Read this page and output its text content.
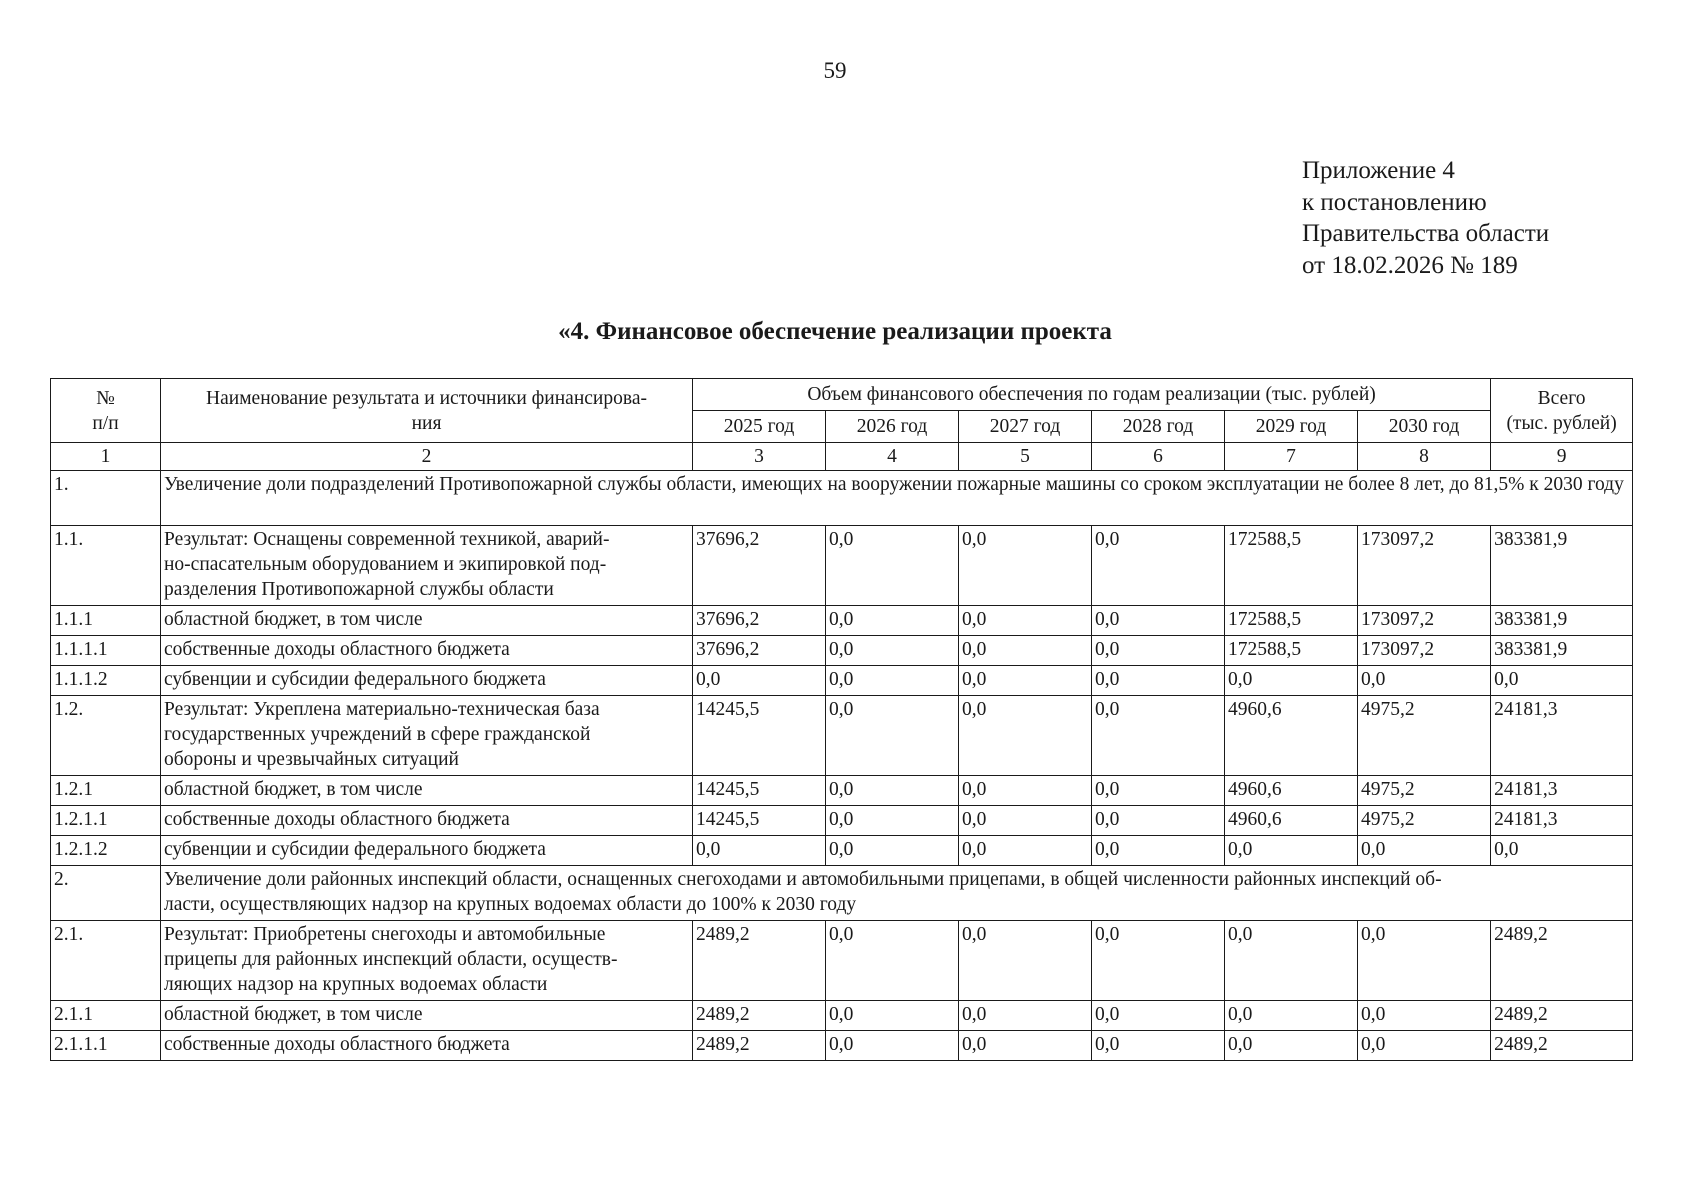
59
Приложение 4
к постановлению
Правительства области
от 18.02.2026 № 189
«4. Финансовое обеспечение реализации проекта
№
п/п	Наименование результата и источники финансирова-
ния	Объем финансового обеспечения по годам реализации (тыс. рублей)						Всего
(тыс. рублей)
		2025 год	2026 год	2027 год	2028 год	2029 год	2030 год	
1	2	3	4	5	6	7	8	9
1.	Увеличение доли подразделений Противопожарной службы области, имеющих на вооружении пожарные машины со сроком эксплуатации не более 8 лет, до 81,5% к 2030 году							
1.1.	Результат: Оснащены современной техникой, аварий-
но-спасательным оборудованием и экипировкой под-
разделения Противопожарной службы области	37696,2	0,0	0,0	0,0	172588,5	173097,2	383381,9
1.1.1	областной бюджет, в том числе	37696,2	0,0	0,0	0,0	172588,5	173097,2	383381,9
1.1.1.1	собственные доходы областного бюджета	37696,2	0,0	0,0	0,0	172588,5	173097,2	383381,9
1.1.1.2	субвенции и субсидии федерального бюджета	0,0	0,0	0,0	0,0	0,0	0,0	0,0
1.2.	Результат: Укреплена материально-техническая база
государственных учреждений в сфере гражданской
обороны и чрезвычайных ситуаций	14245,5	0,0	0,0	0,0	4960,6	4975,2	24181,3
1.2.1	областной бюджет, в том числе	14245,5	0,0	0,0	0,0	4960,6	4975,2	24181,3
1.2.1.1	собственные доходы областного бюджета	14245,5	0,0	0,0	0,0	4960,6	4975,2	24181,3
1.2.1.2	субвенции и субсидии федерального бюджета	0,0	0,0	0,0	0,0	0,0	0,0	0,0
2.	Увеличение доли районных инспекций области, оснащенных снегоходами и автомобильными прицепами, в общей численности районных инспекций об-
ласти, осуществляющих надзор на крупных водоемах области до 100% к 2030 году							
2.1.	Результат: Приобретены снегоходы и автомобильные
прицепы для районных инспекций области, осуществ-
ляющих надзор на крупных водоемах области	2489,2	0,0	0,0	0,0	0,0	0,0	2489,2
2.1.1	областной бюджет, в том числе	2489,2	0,0	0,0	0,0	0,0	0,0	2489,2
2.1.1.1	собственные доходы областного бюджета	2489,2	0,0	0,0	0,0	0,0	0,0	2489,2
